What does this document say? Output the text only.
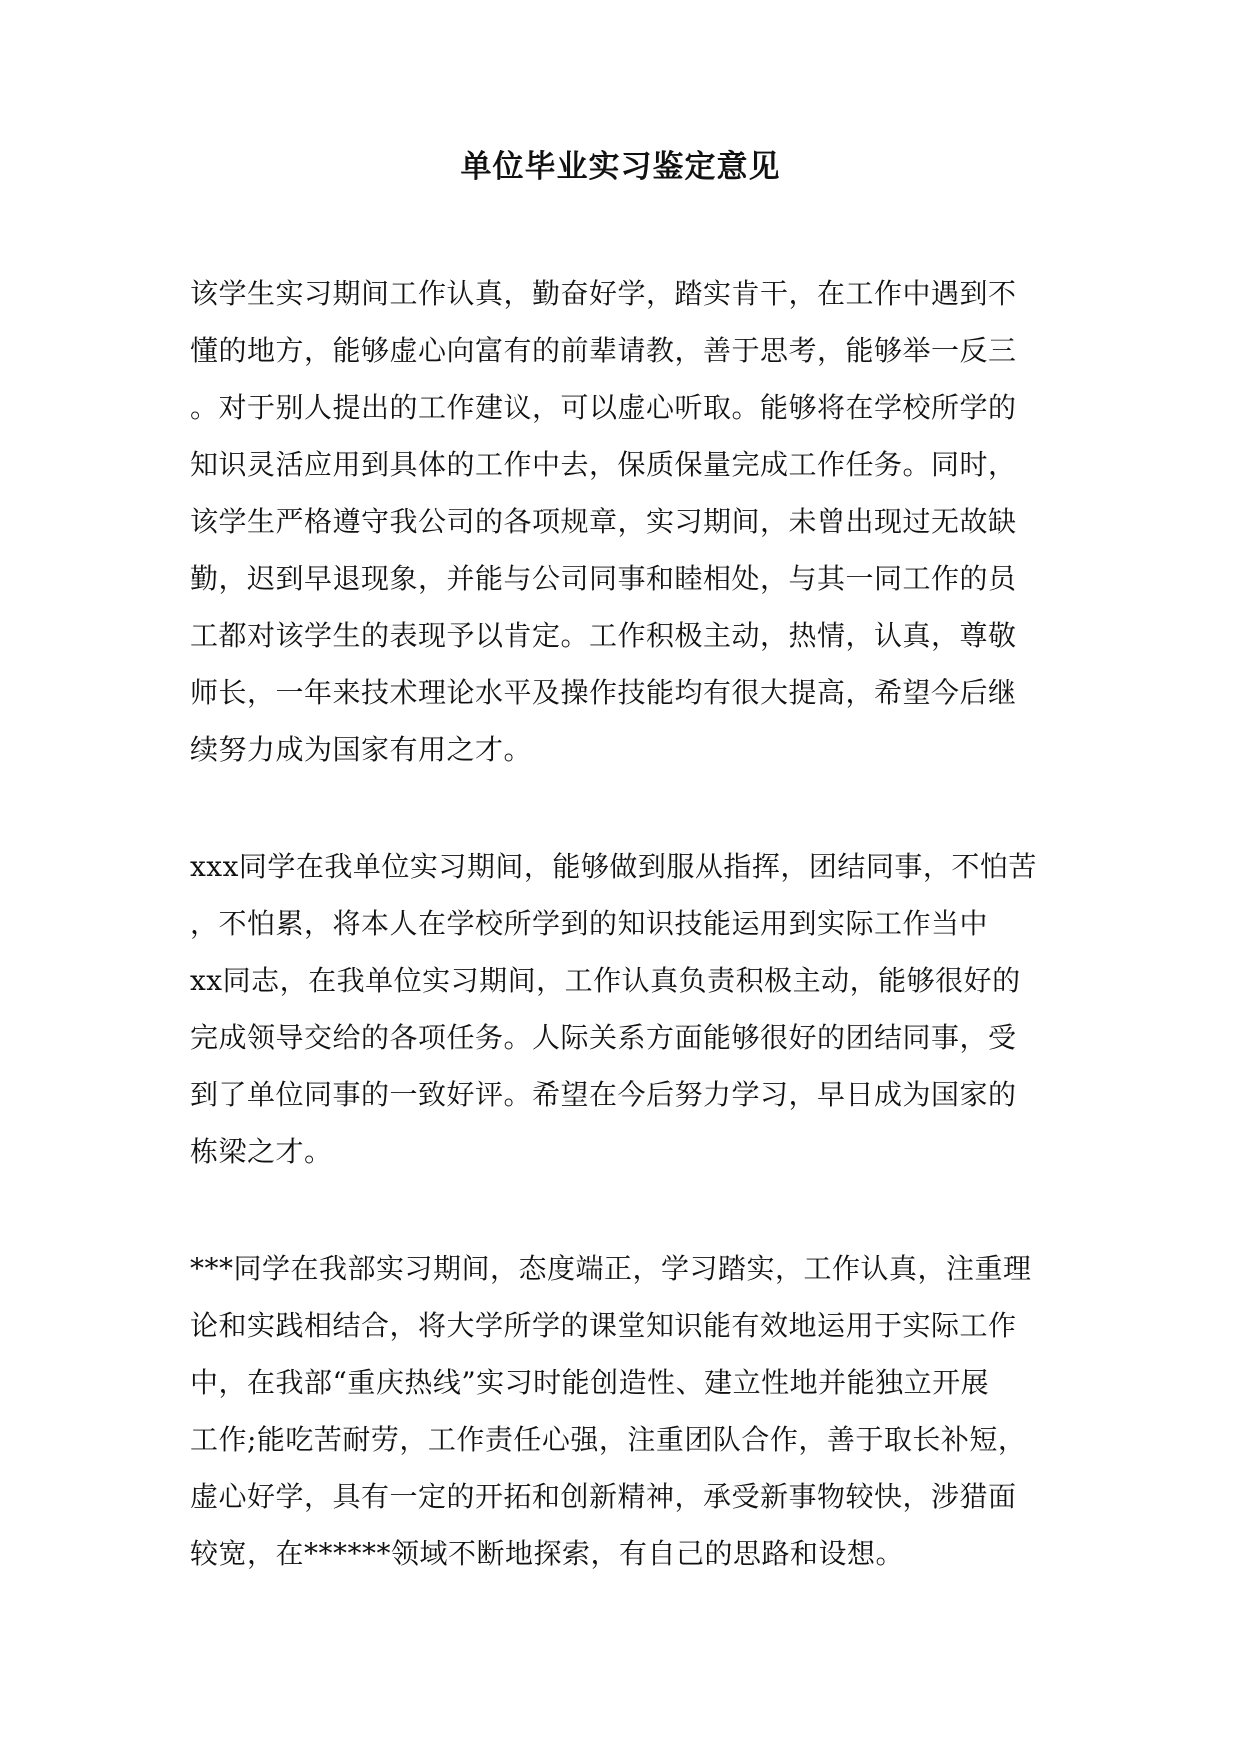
单位毕业实习鉴定意见
该学生实习期间工作认真，勤奋好学，踏实肯干，在工作中遇到不
懂的地方，能够虚心向富有的前辈请教，善于思考，能够举一反三
。对于别人提出的工作建议，可以虚心听取。能够将在学校所学的
知识灵活应用到具体的工作中去，保质保量完成工作任务。同时，
该学生严格遵守我公司的各项规章，实习期间，未曾出现过无故缺
勤，迟到早退现象，并能与公司同事和睦相处，与其一同工作的员
工都对该学生的表现予以肯定。工作积极主动，热情，认真，尊敬
师长，一年来技术理论水平及操作技能均有很大提高，希望今后继
续努力成为国家有用之才。
xxx同学在我单位实习期间，能够做到服从指挥，团结同事，不怕苦
，不怕累，将本人在学校所学到的知识技能运用到实际工作当中
xx同志，在我单位实习期间，工作认真负责积极主动，能够很好的
完成领导交给的各项任务。人际关系方面能够很好的团结同事，受
到了单位同事的一致好评。希望在今后努力学习，早日成为国家的
栋梁之才。
***同学在我部实习期间，态度端正，学习踏实，工作认真，注重理
论和实践相结合，将大学所学的课堂知识能有效地运用于实际工作
中，在我部“重庆热线”实习时能创造性、建立性地并能独立开展
工作;能吃苦耐劳，工作责任心强，注重团队合作，善于取长补短，
虚心好学，具有一定的开拓和创新精神，承受新事物较快，涉猎面
较宽，在******领域不断地探索，有自己的思路和设想。
